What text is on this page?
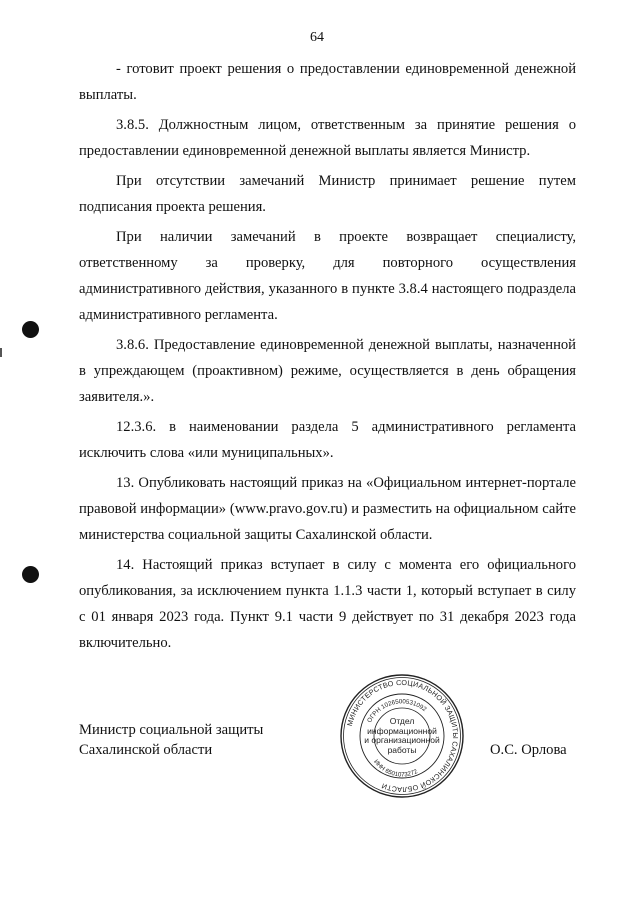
64

- готовит проект решения о предоставлении единовременной денежной выплаты.

3.8.5. Должностным лицом, ответственным за принятие решения о предоставлении единовременной денежной выплаты является Министр.

При отсутствии замечаний Министр принимает решение путем подписания проекта решения.

При наличии замечаний в проекте возвращает специалисту, ответственному за проверку, для повторного осуществления административного действия, указанного в пункте 3.8.4 настоящего подраздела административного регламента.

3.8.6. Предоставление единовременной денежной выплаты, назначенной в упреждающем (проактивном) режиме, осуществляется в день обращения заявителя.».

12.3.6. в наименовании раздела 5 административного регламента исключить слова «или муниципальных».

13. Опубликовать настоящий приказ на «Официальном интернет-портале правовой информации» (www.pravo.gov.ru) и разместить на официальном сайте министерства социальной защиты Сахалинской области.

14. Настоящий приказ вступает в силу с момента его официального опубликования, за исключением пункта 1.1.3 части 1, который вступает в силу с 01 января 2023 года. Пункт 9.1 части 9 действует по 31 декабря 2023 года включительно.

Министр социальной защиты
Сахалинской области	О.С. Орлова
МИНИСТЕРСТВО СОЦИАЛЬНОЙ ЗАЩИТЫ САХАЛИНСКОЙ ОБЛАСТИ
ОГРН 1026500531092
ИНН 6501073272
Отдел
информационной
и организационной
работы
